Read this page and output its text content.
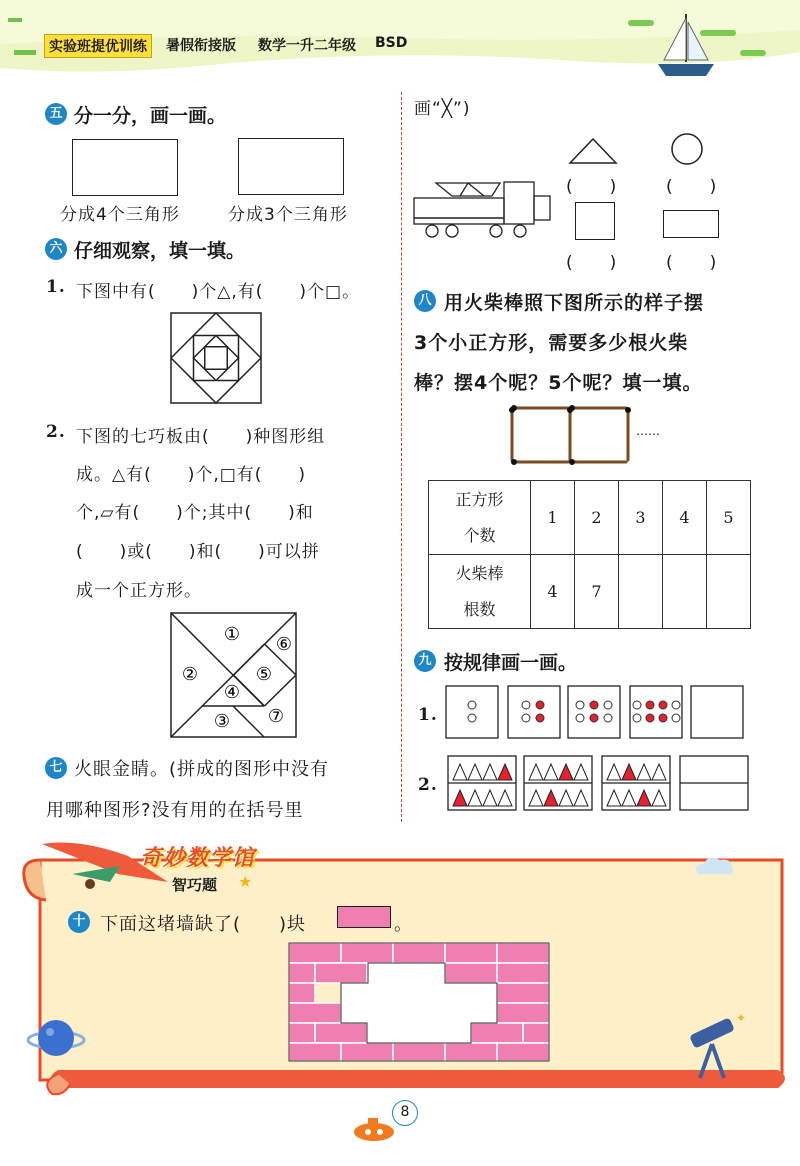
实验班提优训练	暑假衔接版 数学一升二年级 BSD
五 分一分，画一画。
分成4个三角形	分成3个三角形
六 仔细观察，填一填。
1. 下图中有(　　)个△,有(　　)个□。
2. 下图的七巧板由(　　)种图形组
成。△有(　　)个,□有(　　)
个,▱有(　　)个;其中(　　)和
(　　)或(　　)和(　　)可以拼
成一个正方形。
①
②
③
④
⑤
⑥
⑦
七 火眼金睛。(拼成的图形中没有
用哪种图形?没有用的在括号里
画“╳”)
(　　)	(　　)
(　　)	(　　)
八 用火柴棒照下图所示的样子摆
3个小正方形，需要多少根火柴
棒？摆4个呢？5个呢？填一填。
……
正方形个数	1	2	3	4	5
火柴棒根数	4	7			
九 按规律画一画。
1.
2.
奇妙数学馆
智巧题 ★
十 下面这堵墙缺了(　　)块	。
✦
8
